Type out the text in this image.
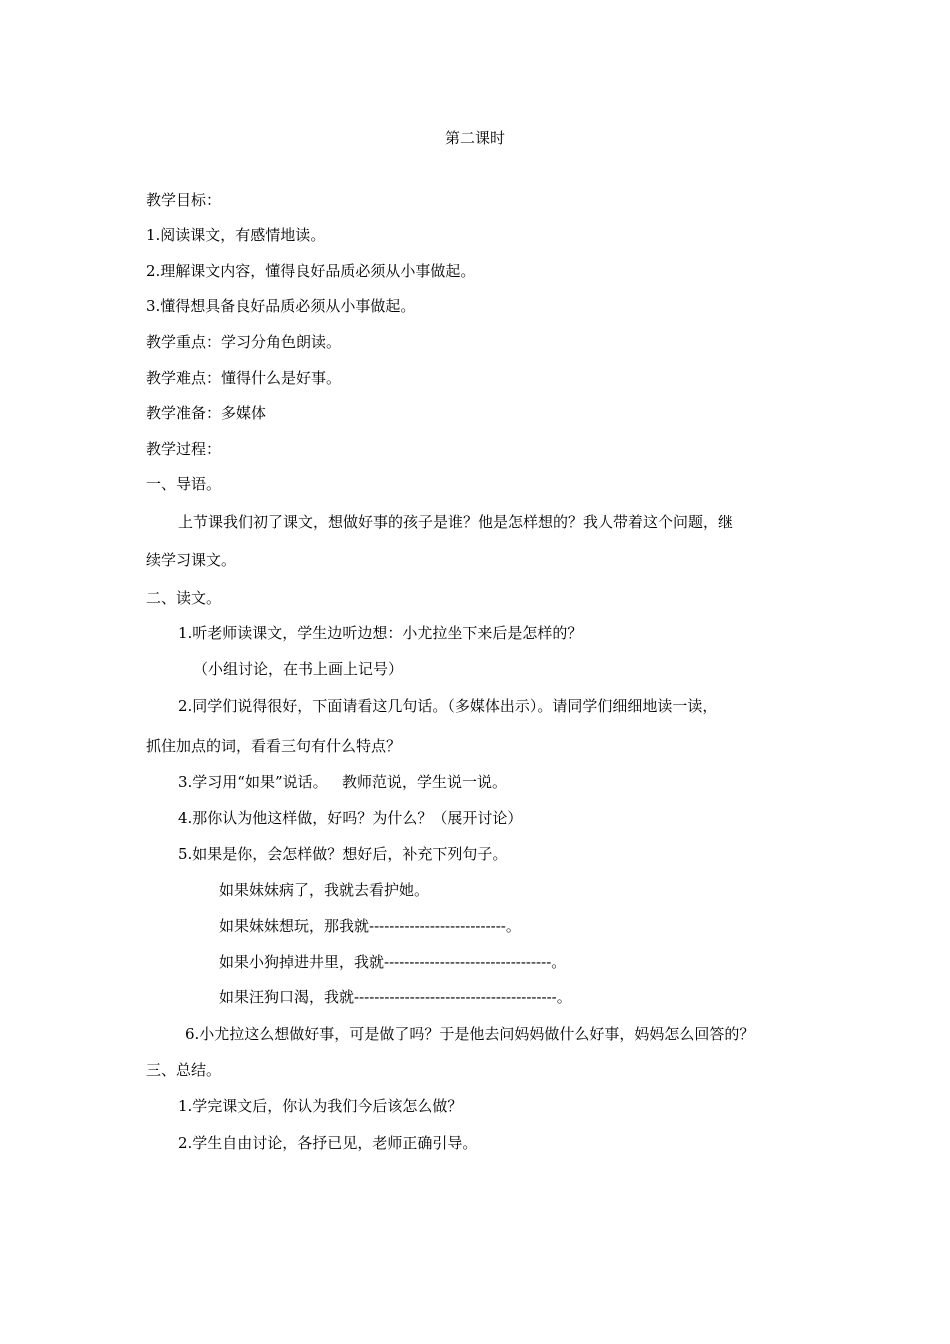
第二课时
教学目标：
1.阅读课文，有感情地读。
2.理解课文内容，懂得良好品质必须从小事做起。
3.懂得想具备良好品质必须从小事做起。
教学重点：学习分角色朗读。
教学难点：懂得什么是好事。
教学准备：多媒体
教学过程：
一、导语。
上节课我们初了课文，想做好事的孩子是谁？他是怎样想的？我人带着这个问题，继
续学习课文。
二、读文。
1.听老师读课文，学生边听边想：小尤拉坐下来后是怎样的？
（小组讨论，在书上画上记号）
2.同学们说得很好，下面请看这几句话。（多媒体出示）。请同学们细细地读一读，
抓住加点的词，看看三句有什么特点？
3.学习用“如果”说话。   教师范说，学生说一说。
4.那你认为他这样做，好吗？为什么？（展开讨论）
5.如果是你，会怎样做？想好后，补充下列句子。
如果妹妹病了，我就去看护她。
如果妹妹想玩，那我就---------------------------。
如果小狗掉进井里，我就---------------------------------。
如果汪狗口渴，我就----------------------------------------。
6.小尤拉这么想做好事，可是做了吗？于是他去问妈妈做什么好事，妈妈怎么回答的？
三、总结。
1.学完课文后，你认为我们今后该怎么做？
2.学生自由讨论，各抒已见，老师正确引导。
